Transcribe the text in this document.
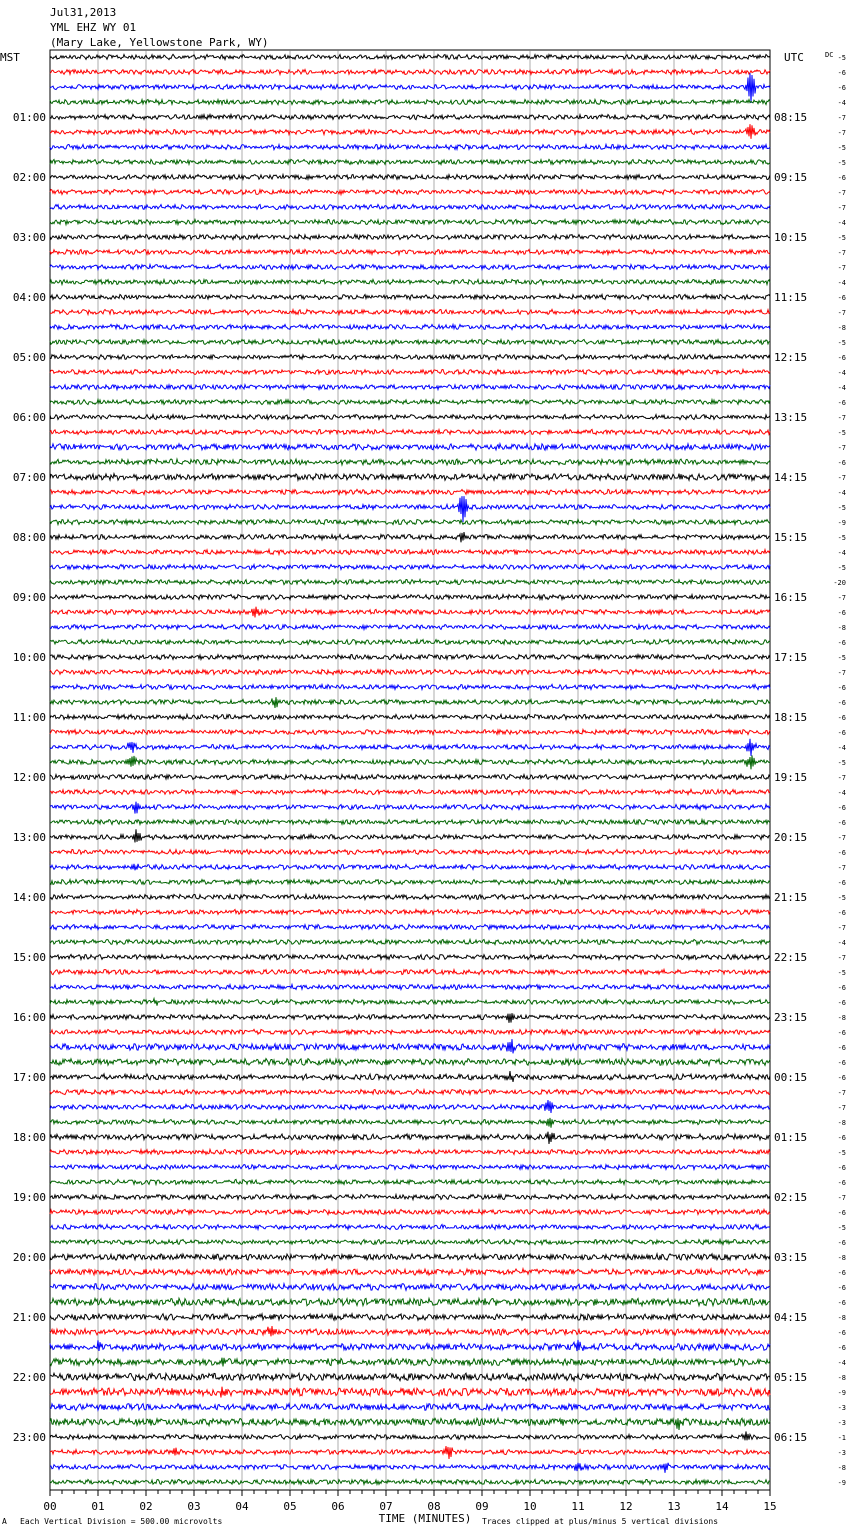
Jul31,2013
YML EHZ WY 01
(Mary Lake, Yellowstone Park, WY)
MST	UTC	DC
01:00
02:00
03:00
04:00
05:00
06:00
07:00
08:00
09:00
10:00
11:00
12:00
13:00
14:00
15:00
16:00
17:00
18:00
19:00
20:00
21:00
22:00
23:00
08:15
09:15
10:15
11:15
12:15
13:15
14:15
15:15
16:15
17:15
18:15
19:15
20:15
21:15
22:15
23:15
00:15
01:15
02:15
03:15
04:15
05:15
06:15
-5
-6
-6
-4
-7
-7
-5
-5
-6
-7
-7
-4
-5
-7
-7
-4
-6
-7
-8
-5
-6
-4
-4
-6
-7
-5
-7
-6
-7
-4
-5
-9
-5
-4
-5
-20
-7
-6
-8
-6
-5
-7
-6
-6
-6
-6
-4
-5
-7
-4
-6
-6
-7
-6
-7
-6
-5
-6
-7
-4
-7
-5
-6
-6
-8
-6
-6
-6
-6
-7
-7
-8
-6
-5
-6
-6
-7
-6
-5
-6
-8
-6
-6
-6
-8
-6
-6
-4
-8
-9
-3
-3
-1
-3
-8
-9
00	01	02	03	04	05	06	07	08	09	10	11	12	13	14	15
TIME (MINUTES)
A Each Vertical Division = 500.00 microvolts	Traces clipped at plus/minus 5 vertical divisions
